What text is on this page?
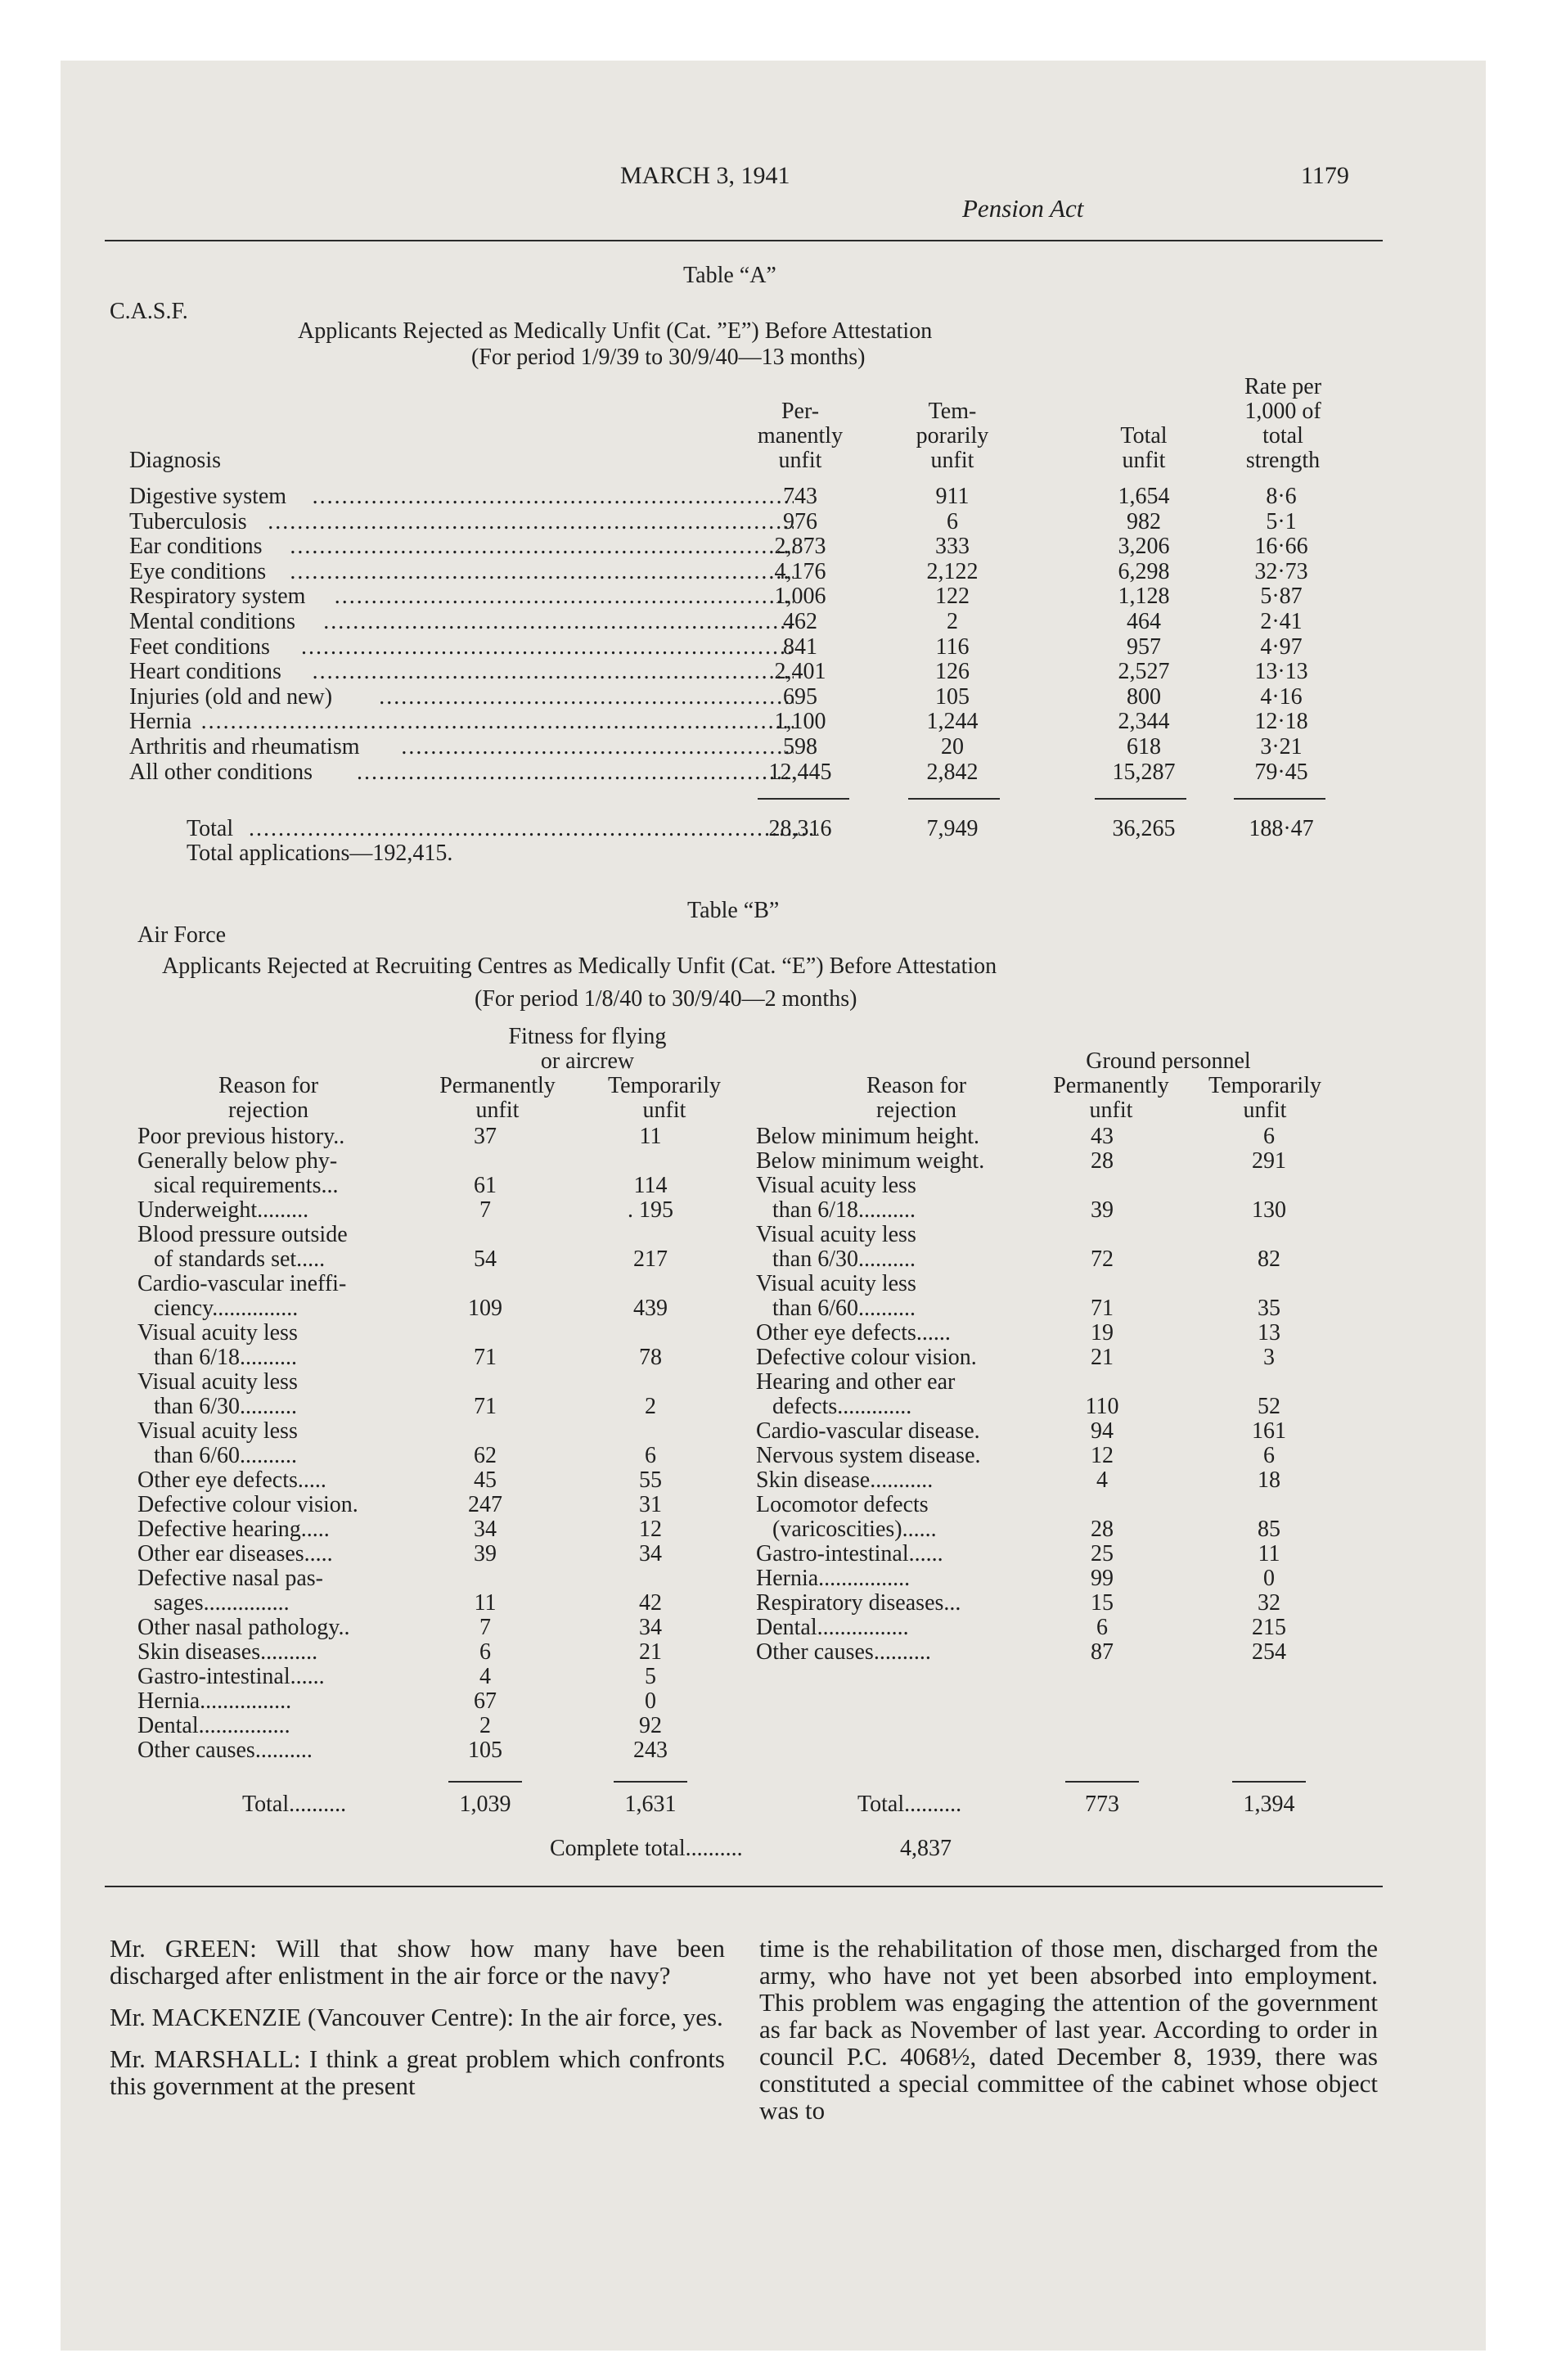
MARCH 3, 1941
Pension Act
1179
Table “A”
C.A.S.F.
Applicants Rejected as Medically Unfit (Cat. ”E”) Before Attestation
(For period 1/9/39 to 30/9/40—13 months)
Diagnosis
Per-
manently
unfit
Tem-
porarily
unfit
Total
unfit
Rate per
1,000 of
total
strength
Digestive system .....	743	911	1,654	8·6
Tuberculosis .....	976	6	982	5·1
Ear conditions .....	2,873	333	3,206	16·66
Eye conditions .....	4,176	2,122	6,298	32·73
Respiratory system .....	1,006	122	1,128	5·87
Mental conditions .....	462	2	464	2·41
Feet conditions .....	841	116	957	4·97
Heart conditions .....	2,401	126	2,527	13·13
Injuries (old and new) .....	695	105	800	4·16
Hernia .....	1,100	1,244	2,344	12·18
Arthritis and rheumatism .....	598	20	618	3·21
All other conditions .....	12,445	2,842	15,287	79·45
Total .....	28,316	7,949	36,265	188·47
Total applications—192,415.
Table “B”
Air Force
Applicants Rejected at Recruiting Centres as Medically Unfit (Cat. “E”) Before Attestation
(For period 1/8/40 to 30/9/40—2 months)
Fitness for flying
or aircrew	Ground personnel
Reason for
rejection
Permanently
unfit
Temporarily
unfit
Reason for
rejection
Permanently
unfit
Temporarily
unfit
Poor previous history..	37	11
Generally below phy-
sical requirements...	61	114
Underweight.........	7	. 195
Blood pressure outside
of standards set.....	54	217
Cardio-vascular ineffi-
ciency...............	109	439
Visual acuity less
than 6/18..........	71	78
Visual acuity less
than 6/30..........	71	2
Visual acuity less
than 6/60..........	62	6
Other eye defects.....	45	55
Defective colour vision.	247	31
Defective hearing.....	34	12
Other ear diseases.....	39	34
Defective nasal pas-
sages...............	11	42
Other nasal pathology..	7	34
Skin diseases..........	6	21
Gastro-intestinal......	4	5
Hernia................	67	0
Dental................	2	92
Other causes..........	105	243
Below minimum height.	43	6
Below minimum weight.	28	291
Visual acuity less
than 6/18..........	39	130
Visual acuity less
than 6/30..........	72	82
Visual acuity less
than 6/60..........	71	35
Other eye defects......	19	13
Defective colour vision.	21	3
Hearing and other ear
defects.............	110	52
Cardio-vascular disease.	94	161
Nervous system disease.	12	6
Skin disease...........	4	18
Locomotor defects
(varicoscities)......	28	85
Gastro-intestinal......	25	11
Hernia................	99	0
Respiratory diseases...	15	32
Dental................	6	215
Other causes..........	87	254
Total..........	1,039	1,631	Total..........	773	1,394
Complete total..........	4,837

Mr. GREEN: Will that show how many have been discharged after enlistment in the air force or the navy?

Mr. MACKENZIE (Vancouver Centre): In the air force, yes.

Mr. MARSHALL: I think a great problem which confronts this government at the present

time is the rehabilitation of those men, discharged from the army, who have not yet been absorbed into employment. This problem was engaging the attention of the government as far back as November of last year. According to order in council P.C. 4068½, dated December 8, 1939, there was constituted a special committee of the cabinet whose object was to
